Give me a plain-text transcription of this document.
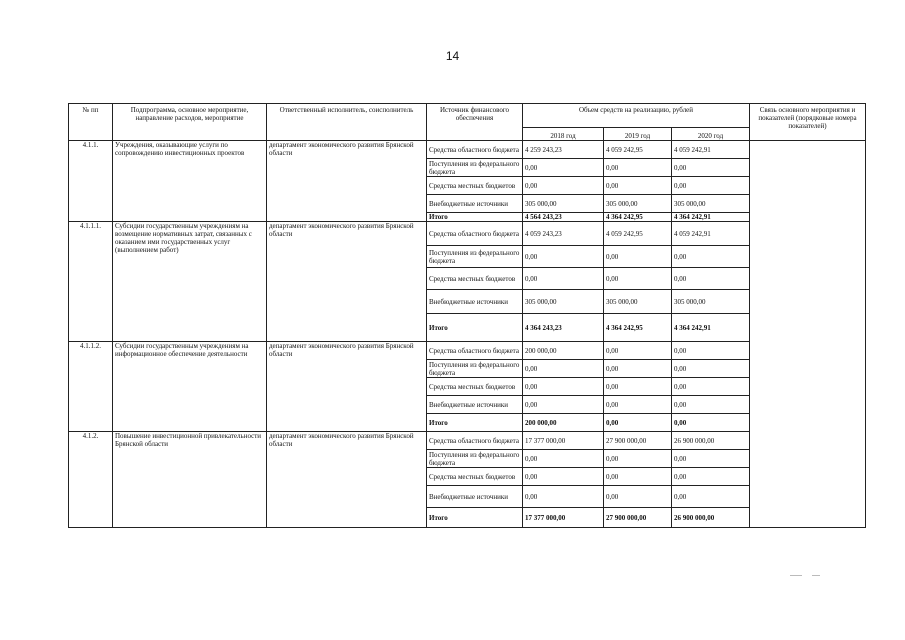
14
№ пп	Подпрограмма, основное мероприятие, направление расходов, мероприятие	Ответственный исполнитель, соисполнитель	Источник финансового обеспечения	Объем средств на реализацию, рублей			Связь основного мероприятия и показателей (порядковые номера показателей)
				2018 год	2019 год	2020 год	
4.1.1.	Учреждения, оказывающие услуги по сопровождению инвестиционных проектов	департамент экономического развития Брянской области	Средства областного бюджета	4 259 243,23	4 059 242,95	4 059 242,91	
			Поступления из федерального бюджета	0,00	0,00	0,00	
			Средства местных бюджетов	0,00	0,00	0,00	
			Внебюджетные источники	305 000,00	305 000,00	305 000,00	
			Итого	4 564 243,23	4 364 242,95	4 364 242,91	
4.1.1.1.	Субсидии государственным учреждениям на возмещение нормативных затрат, связанных с оказанием ими государственных услуг (выполнением работ)	департамент экономического развития Брянской области	Средства областного бюджета	4 059 243,23	4 059 242,95	4 059 242,91	
			Поступления из федерального бюджета	0,00	0,00	0,00	
			Средства местных бюджетов	0,00	0,00	0,00	
			Внебюджетные источники	305 000,00	305 000,00	305 000,00	
			Итого	4 364 243,23	4 364 242,95	4 364 242,91	
4.1.1.2.	Субсидии государственным учреждениям на информационное обеспечение деятельности	департамент экономического развития Брянской области	Средства областного бюджета	200 000,00	0,00	0,00	
			Поступления из федерального бюджета	0,00	0,00	0,00	
			Средства местных бюджетов	0,00	0,00	0,00	
			Внебюджетные источники	0,00	0,00	0,00	
			Итого	200 000,00	0,00	0,00	
4.1.2.	Повышение инвестиционной привлекательности Брянской области	департамент экономического развития Брянской области	Средства областного бюджета	17 377 000,00	27 900 000,00	26 900 000,00	
			Поступления из федерального бюджета	0,00	0,00	0,00	
			Средства местных бюджетов	0,00	0,00	0,00	
			Внебюджетные источники	0,00	0,00	0,00	
			Итого	17 377 000,00	27 900 000,00	26 900 000,00	
